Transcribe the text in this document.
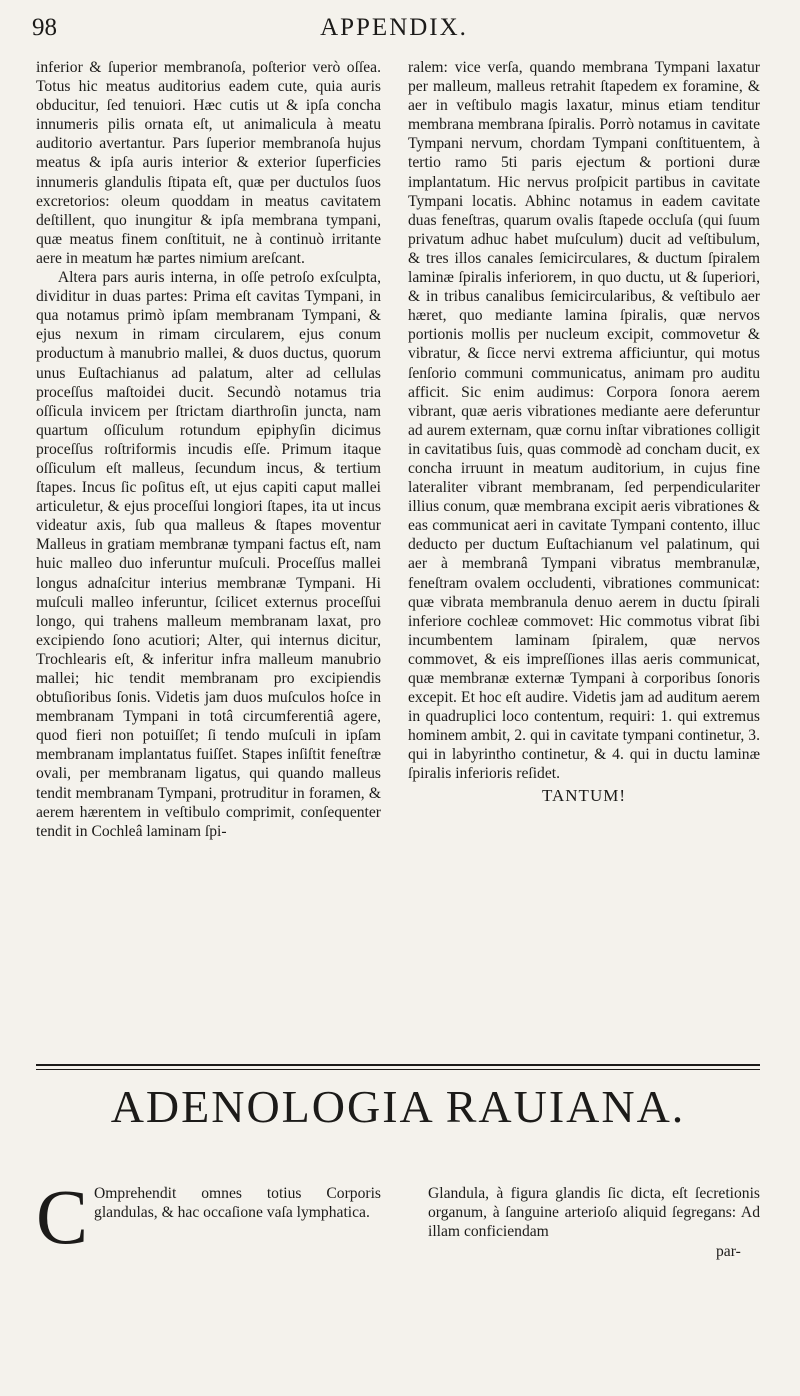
98	APPENDIX.

inferior & ſuperior membranoſa, poſterior verò oſſea. Totus hic meatus auditorius eadem cute, quia auris obducitur, ſed tenuiori. Hæc cutis ut & ipſa concha innumeris pilis ornata eſt, ut animalicula à meatu auditorio avertantur. Pars ſuperior membranoſa hujus meatus & ipſa auris interior & exterior ſuperficies innumeris glandulis ſtipata eſt, quæ per ductulos ſuos excretorios: oleum quoddam in meatus cavitatem deſtillent, quo inungitur & ipſa membrana tympani, quæ meatus finem conſtituit, ne à continuò irritante aere in meatum hæ partes nimium areſcant.

Altera pars auris interna, in oſſe petroſo exſculpta, dividitur in duas partes: Prima eſt cavitas Tympani, in qua notamus primò ipſam membranam Tympani, & ejus nexum in rimam circularem, ejus conum productum à manubrio mallei, & duos ductus, quorum unus Euſtachianus ad palatum, alter ad cellulas proceſſus maſtoidei ducit. Secundò notamus tria oſſicula invicem per ſtrictam diarthroſin juncta, nam quartum oſſiculum rotundum epiphyſin dicimus proceſſus roſtriformis incudis eſſe. Primum itaque oſſiculum eſt malleus, ſecundum incus, & tertium ſtapes. Incus ſic poſitus eſt, ut ejus capiti caput mallei articuletur, & ejus proceſſui longiori ſtapes, ita ut incus videatur axis, ſub qua malleus & ſtapes moventur Malleus in gratiam membranæ tympani factus eſt, nam huic malleo duo inferuntur muſculi. Proceſſus mallei longus adnaſcitur interius membranæ Tympani. Hi muſculi malleo inferuntur, ſcilicet externus proceſſui longo, qui trahens malleum membranam laxat, pro excipiendo ſono acutiori; Alter, qui internus dicitur, Trochlearis eſt, & inferitur infra malleum manubrio mallei; hic tendit membranam pro excipiendis obtuſioribus ſonis. Videtis jam duos muſculos hoſce in membranam Tympani in totâ circumferentiâ agere, quod fieri non potuiſſet; ſi tendo muſculi in ipſam membranam implantatus fuiſſet. Stapes inſiſtit feneſtræ ovali, per membranam ligatus, qui quando malleus tendit membranam Tympani, protruditur in foramen, & aerem hærentem in veſtibulo comprimit, conſequenter tendit in Cochleâ laminam ſpi-

ralem: vice verſa, quando membrana Tympani laxatur per malleum, malleus retrahit ſtapedem ex foramine, & aer in veſtibulo magis laxatur, minus etiam tenditur membrana membrana ſpiralis. Porrò notamus in cavitate Tympani nervum, chordam Tympani conſtituentem, à tertio ramo 5ti paris ejectum & portioni duræ implantatum. Hic nervus proſpicit partibus in cavitate Tympani locatis. Abhinc notamus in eadem cavitate duas feneſtras, quarum ovalis ſtapede occluſa (qui ſuum privatum adhuc habet muſculum) ducit ad veſtibulum, & tres illos canales ſemicirculares, & ductum ſpiralem laminæ ſpiralis inferiorem, in quo ductu, ut & ſuperiori, & in tribus canalibus ſemicircularibus, & veſtibulo aer hæret, quo mediante lamina ſpiralis, quæ nervos portionis mollis per nucleum excipit, commovetur & vibratur, & ſicce nervi extrema afficiuntur, qui motus ſenſorio communi communicatus, animam pro auditu afficit. Sic enim audimus: Corpora ſonora aerem vibrant, quæ aeris vibrationes mediante aere deferuntur ad aurem externam, quæ cornu inſtar vibrationes colligit in cavitatibus ſuis, quas commodè ad concham ducit, ex concha irruunt in meatum auditorium, in cujus fine lateraliter vibrant membranam, ſed perpendiculariter illius conum, quæ membrana excipit aeris vibrationes & eas communicat aeri in cavitate Tympani contento, illuc deducto per ductum Euſtachianum vel palatinum, qui aer à membranâ Tympani vibratus membranulæ, feneſtram ovalem occludenti, vibrationes communicat: quæ vibrata membranula denuo aerem in ductu ſpirali inferiore cochleæ commovet: Hic commotus vibrat ſibi incumbentem laminam ſpiralem, quæ nervos commovet, & eis impreſſiones illas aeris communicat, quæ membranæ externæ Tympani à corporibus ſonoris excepit. Et hoc eſt audire. Videtis jam ad auditum aerem in quadruplici loco contentum, requiri: 1. qui extremus hominem ambit, 2. qui in cavitate tympani continetur, 3. qui in labyrintho continetur, & 4. qui in ductu laminæ ſpiralis inferioris reſidet.

TANTUM!
ADENOLOGIA RAUIANA.
C Omprehendit omnes totius Corporis glandulas, & hac occaſione vaſa lymphatica.
Glandula, à figura glandis ſic dicta, eſt ſecretionis organum, à ſanguine arterioſo aliquid ſegregans: Ad illam conficiendam
par-
